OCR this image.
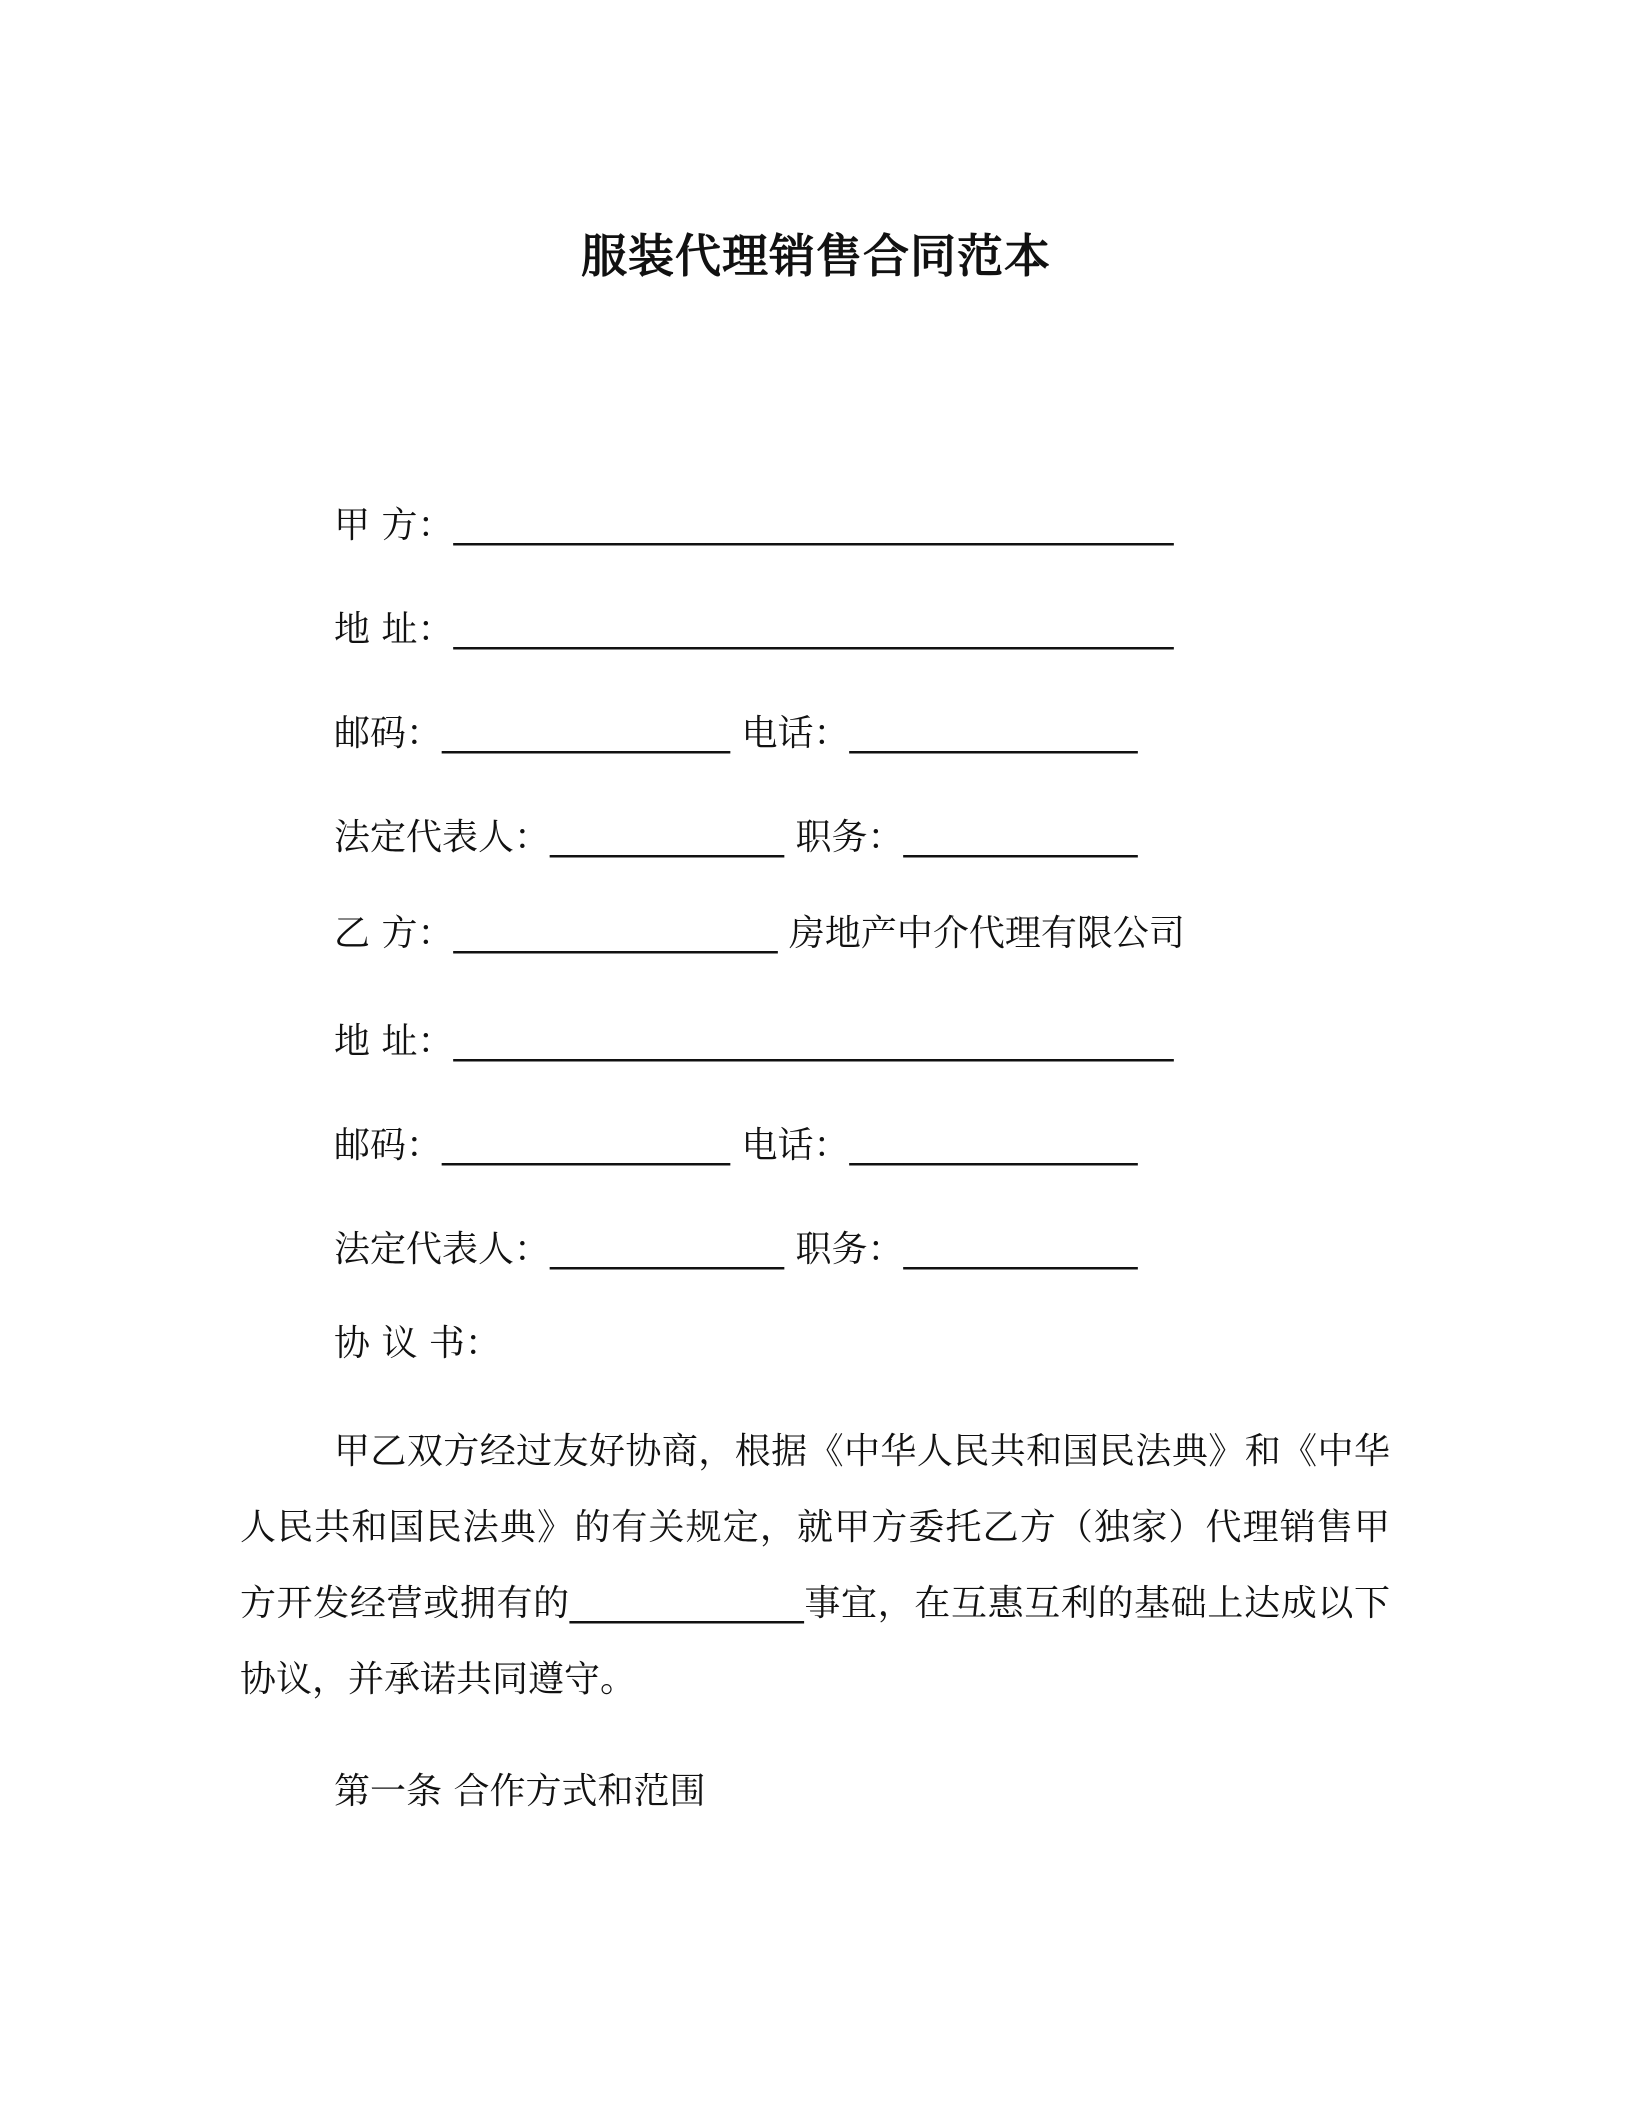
服装代理销售合同范本
甲 方：________________________________________
地 址：________________________________________
邮码：________________ 电话：________________
法定代表人：_____________ 职务：_____________
乙 方：__________________ 房地产中介代理有限公司
地 址：________________________________________
邮码：________________ 电话：________________
法定代表人：_____________ 职务：_____________
协 议 书：
甲乙双方经过友好协商，根据《中华人民共和国民法典》和《中华人民共和国民法典》的有关规定，就甲方委托乙方（独家）代理销售甲方开发经营或拥有的_____________事宜，在互惠互利的基础上达成以下协议，并承诺共同遵守。
第一条 合作方式和范围
